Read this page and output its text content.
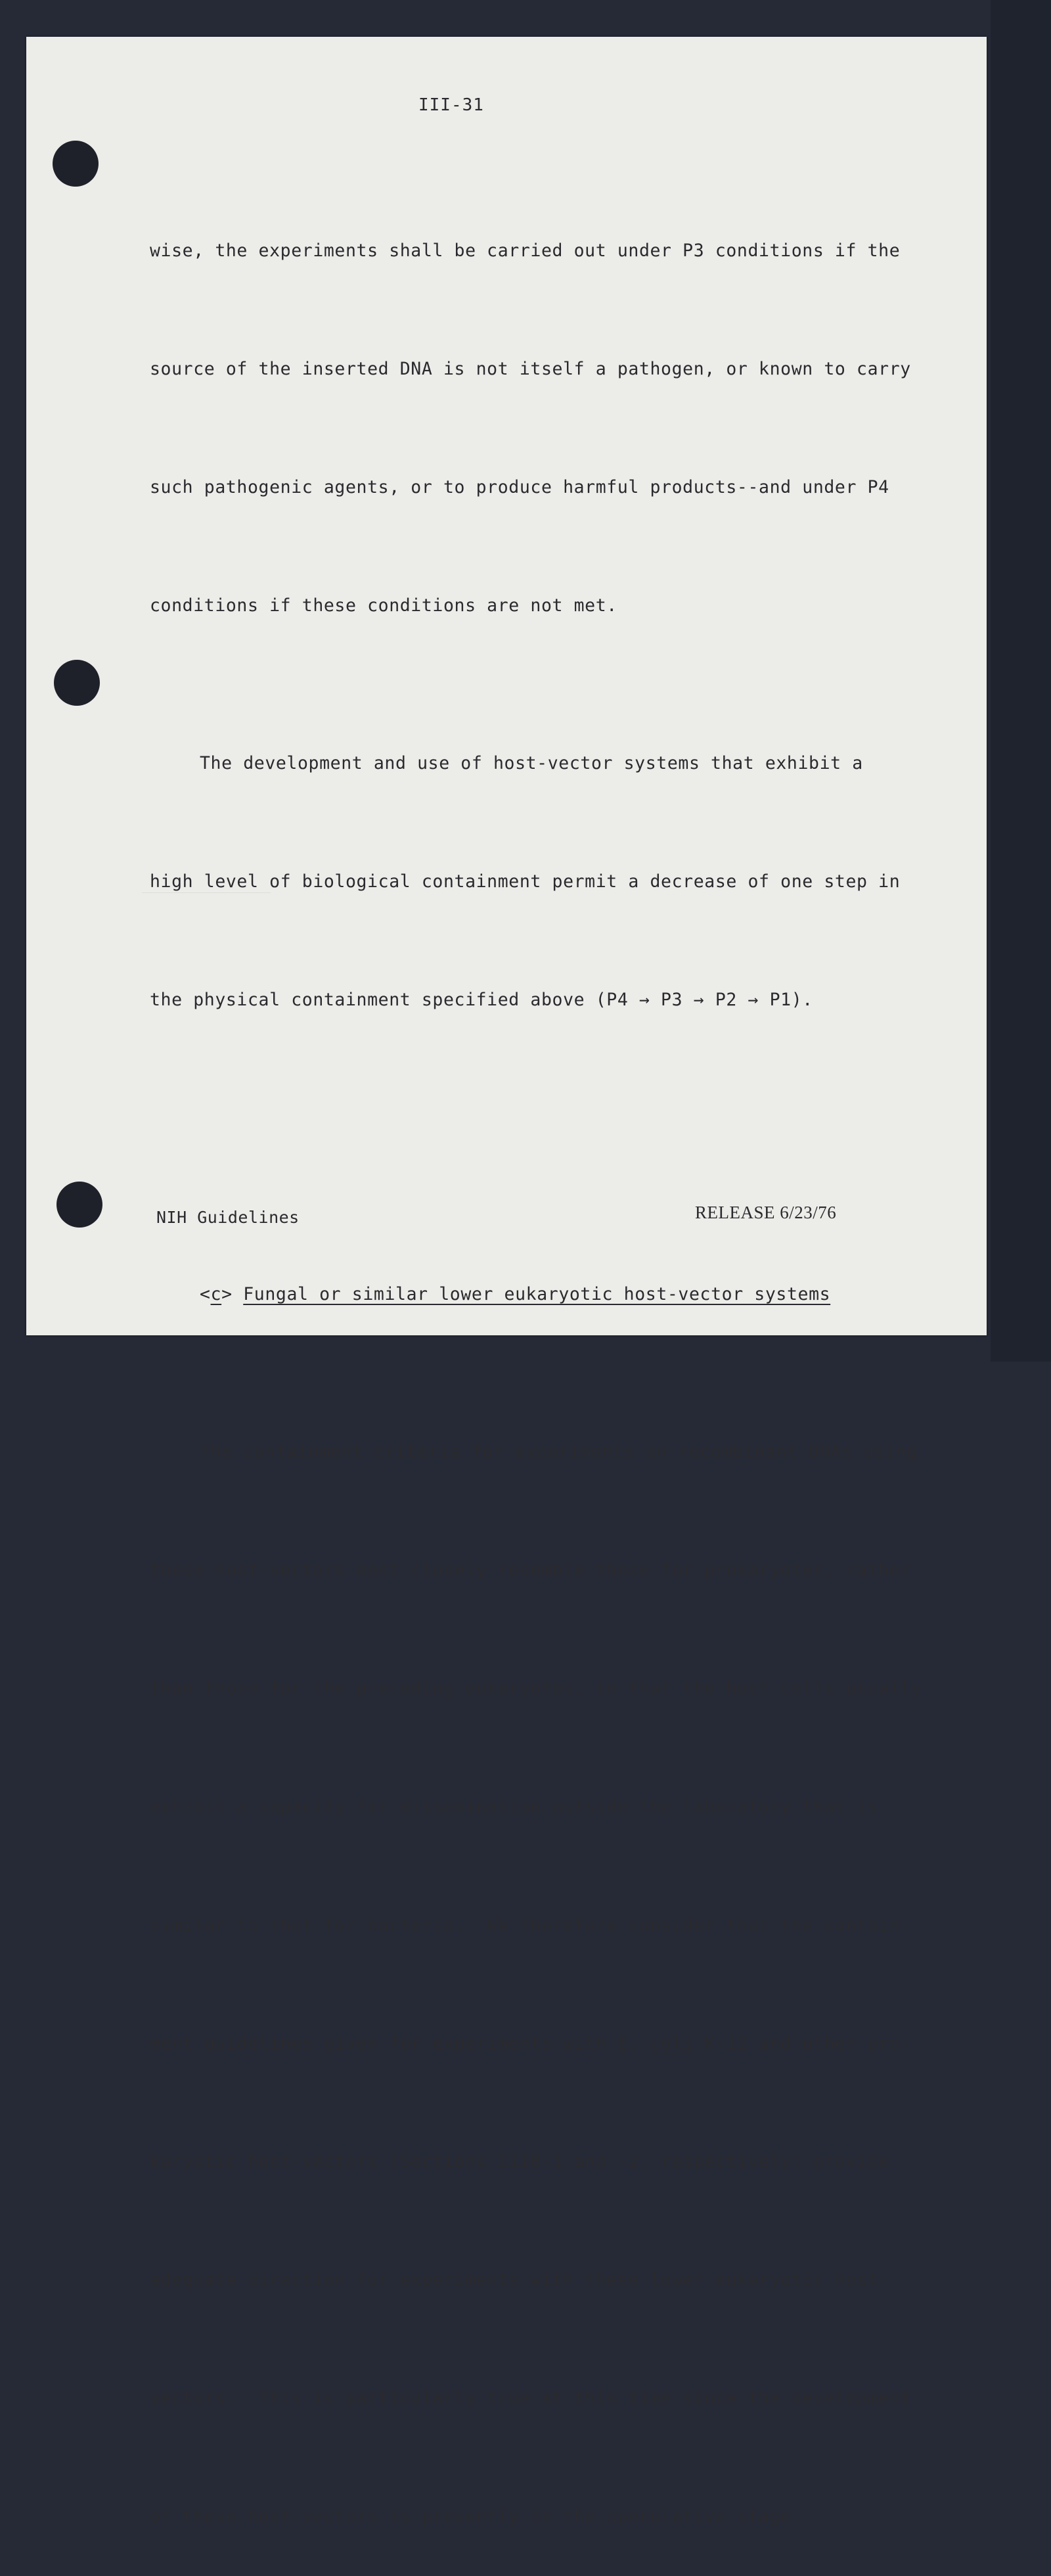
III-31

wise, the experiments shall be carried out under P3 conditions if the

source of the inserted DNA is not itself a pathogen, or known to carry

such pathogenic agents, or to produce harmful products--and under P4

conditions if these conditions are not met.

The development and use of host-vector systems that exhibit a

high level of biological containment permit a decrease of one step in

the physical containment specified above (P4 → P3 → P2 → P1).

<c> Fungal or similar lower eukaryotic host-vector systems

The containment criteria for experiments on recombinant DNAs using

these host-vectors most closely resemble those for prokaryotes, rather

than those for the preceding eukaryotes, in that the host cells usually

exhibit a capacity for dissemination outside the laboratory that is

similar to that for bacteria.  We therefore consider that the contain-

ment guidelines given for experiments with E. coli K-12 and other pro-

karyotic host-vectors (Sections IIIB-1 and -2, respectively) provide

adequate direction for experiments with these lower eukaryotic host-

vectors.  This is particularly true at this time since the development

of these host-vectors is presently in the speculative stage.

NIH Guidelines	RELEASE 6/23/76
